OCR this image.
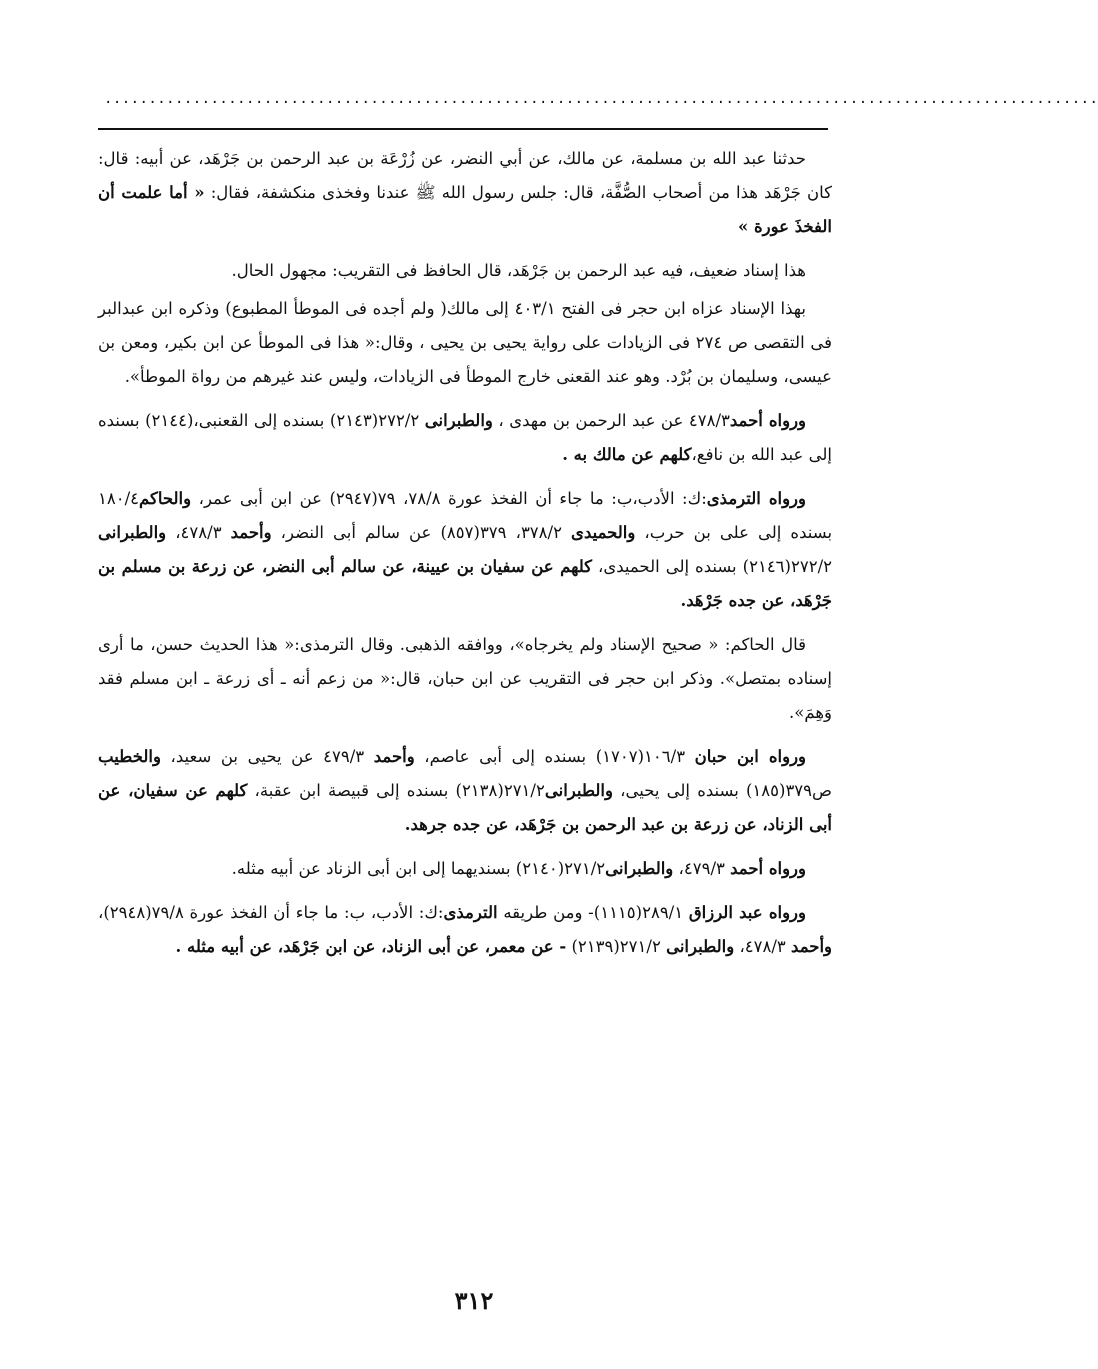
................................................................................................................

حدثنا عبد الله بن مسلمة، عن مالك، عن أبي النضر، عن زُرْعَة بن عبد الرحمن بن جَرْهَد، عن أبيه: قال: كان جَرْهَد هذا من أصحاب الصُّفَّة، قال: جلس رسول الله ﷺ عندنا وفخذى منكشفة، فقال: « أما علمت أن الفخذَ عورة »

هذا إسناد ضعيف، فيه عبد الرحمن بن جَرْهَد، قال الحافظ فى التقريب: مجهول الحال.

بهذا الإسناد عزاه ابن حجر فى الفتح ٤٠٣/١ إلى مالك( ولم أجده فى الموطأ المطبوع) وذكره ابن عبدالبر فى التقصى ص ٢٧٤ فى الزيادات على رواية يحيى بن يحيى ، وقال:« هذا فى الموطأ عن ابن بكير، ومعن بن عيسى، وسليمان بن بُرْد. وهو عند القعنى خارج الموطأ فى الزيادات، وليس عند غيرهم من رواة الموطأ».

ورواه أحمد٤٧٨/٣ عن عبد الرحمن بن مهدى ، والطبرانى ٢٧٢/٢(٢١٤٣) بسنده إلى القعنبى،(٢١٤٤) بسنده إلى عبد الله بن نافع،كلهم عن مالك به .

ورواه الترمذى:ك: الأدب،ب: ما جاء أن الفخذ عورة ٧٨/٨، ٧٩(٢٩٤٧) عن ابن أبى عمر، والحاكم١٨٠/٤ بسنده إلى على بن حرب، والحميدى ٣٧٨/٢، ٣٧٩(٨٥٧) عن سالم أبى النضر، وأحمد ٤٧٨/٣، والطبرانى ٢٧٢/٢(٢١٤٦) بسنده إلى الحميدى، كلهم عن سفيان بن عيينة، عن سالم أبى النضر، عن زرعة بن مسلم بن جَرْهَد، عن جده جَرْهَد.

قال الحاكم: « صحيح الإسناد ولم يخرجاه»، ووافقه الذهبى. وقال الترمذى:« هذا الحديث حسن، ما أرى إسناده بمتصل». وذكر ابن حجر فى التقريب عن ابن حبان، قال:« من زعم أنه ـ أى زرعة ـ ابن مسلم فقد وَهِمَ».

ورواه ابن حبان ١٠٦/٣(١٧٠٧) بسنده إلى أبى عاصم، وأحمد ٤٧٩/٣ عن يحيى بن سعيد، والخطيب ص٣٧٩(١٨٥) بسنده إلى يحيى، والطبرانى٢٧١/٢(٢١٣٨) بسنده إلى قبيصة ابن عقبة، كلهم عن سفيان، عن أبى الزناد، عن زرعة بن عبد الرحمن بن جَرْهَد، عن جده جرهد.

ورواه أحمد ٤٧٩/٣، والطبرانى٢٧١/٢(٢١٤٠) بسنديهما إلى ابن أبى الزناد عن أبيه مثله.

ورواه عبد الرزاق ٢٨٩/١(١١١٥)- ومن طريقه الترمذى:ك: الأدب، ب: ما جاء أن الفخذ عورة ٧٩/٨(٢٩٤٨)، وأحمد ٤٧٨/٣، والطبرانى ٢٧١/٢(٢١٣٩) - عن معمر، عن أبى الزناد، عن ابن جَرْهَد، عن أبيه مثله .

٣١٢
